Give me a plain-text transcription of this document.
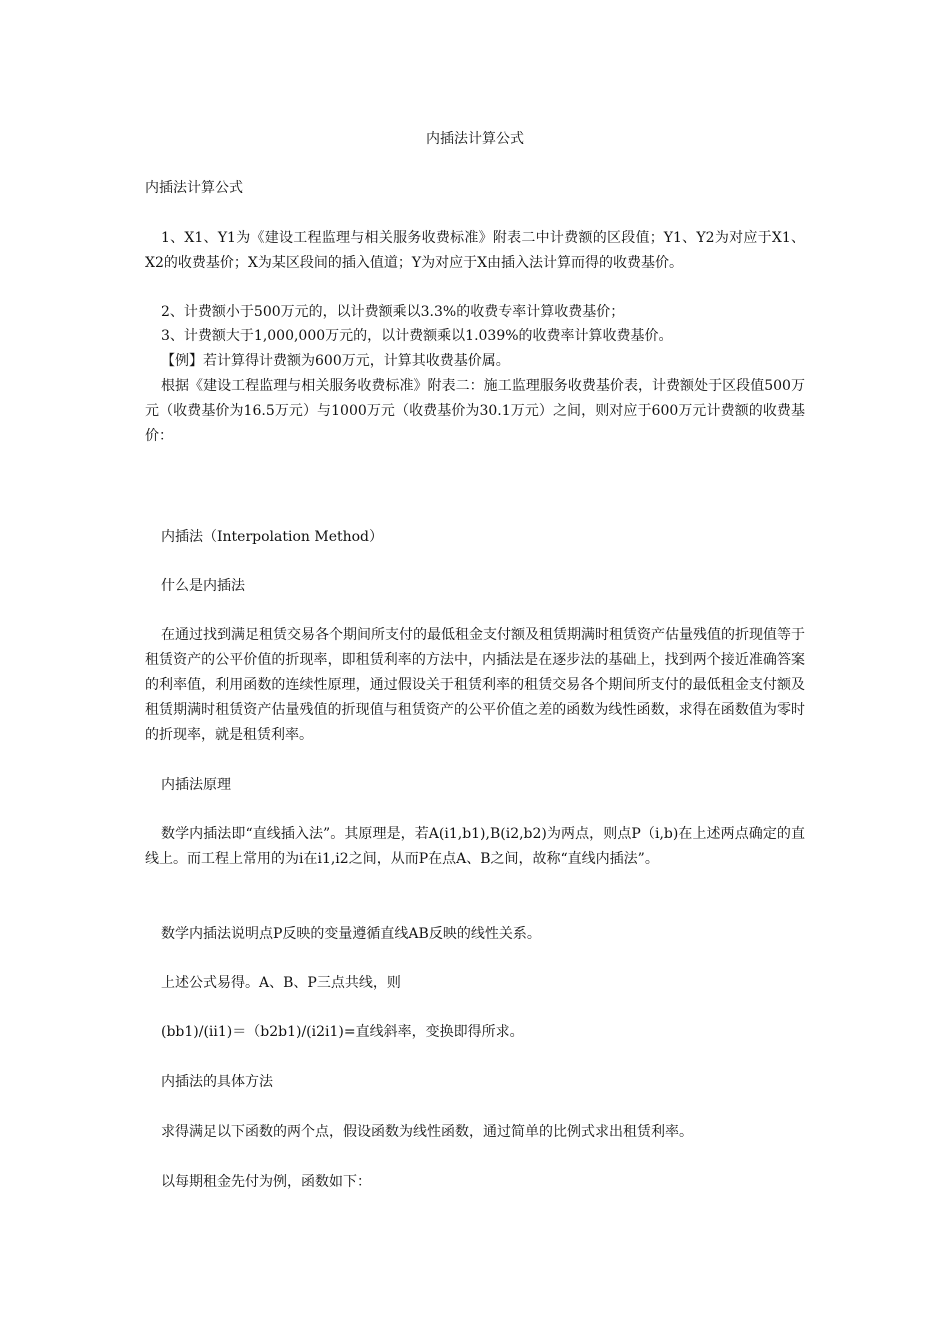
内插法计算公式
内插法计算公式
1、X1、Y1为《建设工程监理与相关服务收费标准》附表二中计费额的区段值；Y1、Y2为对应于X1、X2的收费基价；X为某区段间的插入值道；Y为对应于X由插入法计算而得的收费基价。
2、计费额小于500万元的，以计费额乘以3.3%的收费专率计算收费基价；
3、计费额大于1,000,000万元的，以计费额乘以1.039%的收费率计算收费基价。
【例】若计算得计费额为600万元，计算其收费基价属。
根据《建设工程监理与相关服务收费标准》附表二：施工监理服务收费基价表，计费额处于区段值500万元（收费基价为16.5万元）与1000万元（收费基价为30.1万元）之间，则对应于600万元计费额的收费基价：
内插法（Interpolation Method）
什么是内插法
在通过找到满足租赁交易各个期间所支付的最低租金支付额及租赁期满时租赁资产估量残值的折现值等于租赁资产的公平价值的折现率，即租赁利率的方法中，内插法是在逐步法的基础上，找到两个接近准确答案的利率值，利用函数的连续性原理，通过假设关于租赁利率的租赁交易各个期间所支付的最低租金支付额及租赁期满时租赁资产估量残值的折现值与租赁资产的公平价值之差的函数为线性函数，求得在函数值为零时的折现率，就是租赁利率。
内插法原理
数学内插法即“直线插入法”。其原理是，若A(i1,b1),B(i2,b2)为两点，则点P（i,b)在上述两点确定的直线上。而工程上常用的为i在i1,i2之间，从而P在点A、B之间，故称“直线内插法”。
数学内插法说明点P反映的变量遵循直线AB反映的线性关系。
上述公式易得。A、B、P三点共线，则
(bb1)/(ii1)＝（b2b1)/(i2i1)=直线斜率，变换即得所求。
内插法的具体方法
求得满足以下函数的两个点，假设函数为线性函数，通过简单的比例式求出租赁利率。
以每期租金先付为例，函数如下：
